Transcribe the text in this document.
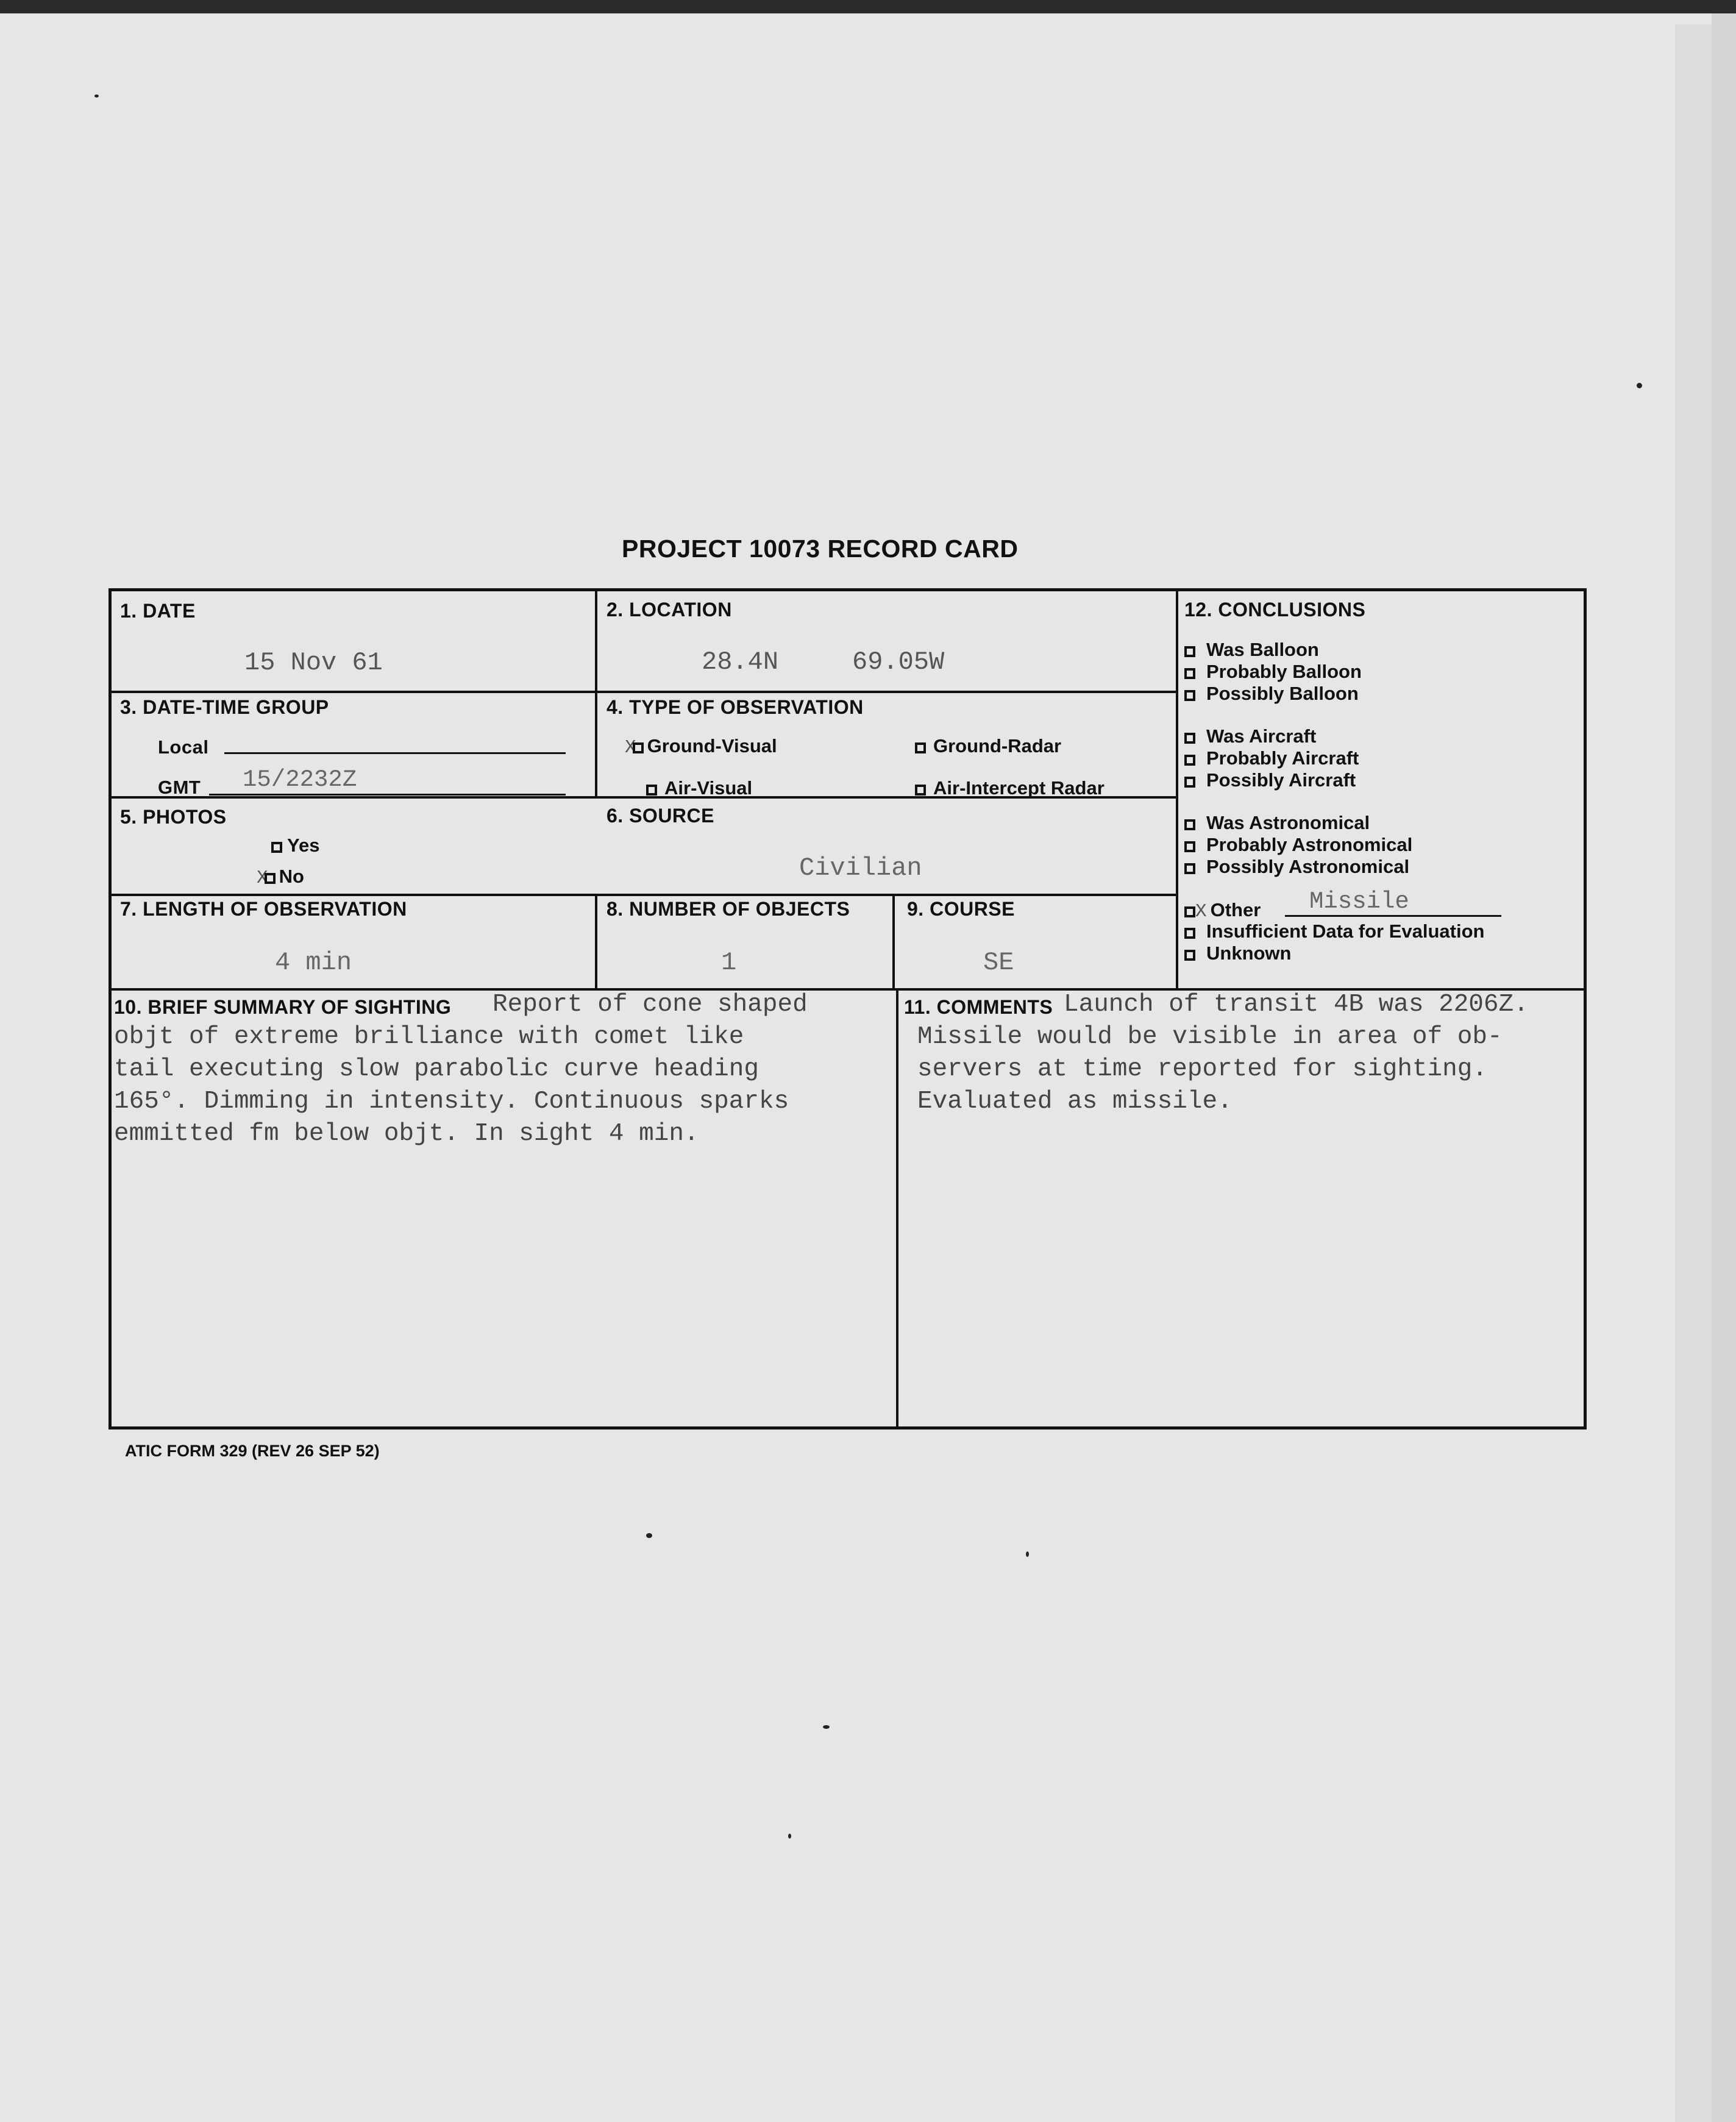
PROJECT 10073 RECORD CARD
1. DATE
15 Nov 61
2. LOCATION
28.4N	69.05W
3. DATE-TIME GROUP
Local
GMT 15/2232Z
4. TYPE OF OBSERVATION
X Ground-Visual	Ground-Radar
Air-Visual	Air-Intercept Radar
5. PHOTOS
Yes
X No
6. SOURCE
Civilian
7. LENGTH OF OBSERVATION
4 min
8. NUMBER OF OBJECTS
1
9. COURSE
SE
10. BRIEF SUMMARY OF SIGHTING Report of cone shaped
objt of extreme brilliance with comet like
tail executing slow parabolic curve heading
165°. Dimming in intensity. Continuous sparks
emmitted fm below objt. In sight 4 min.
11. COMMENTS Launch of transit 4B was 2206Z.
Missile would be visible in area of ob-
servers at time reported for sighting.
Evaluated as missile.
12. CONCLUSIONS
Was Balloon
Probably Balloon
Possibly Balloon
Was Aircraft
Probably Aircraft
Possibly Aircraft
Was Astronomical
Probably Astronomical
Possibly Astronomical
X Other Missile
Insufficient Data for Evaluation
Unknown
ATIC FORM 329 (REV 26 SEP 52)
